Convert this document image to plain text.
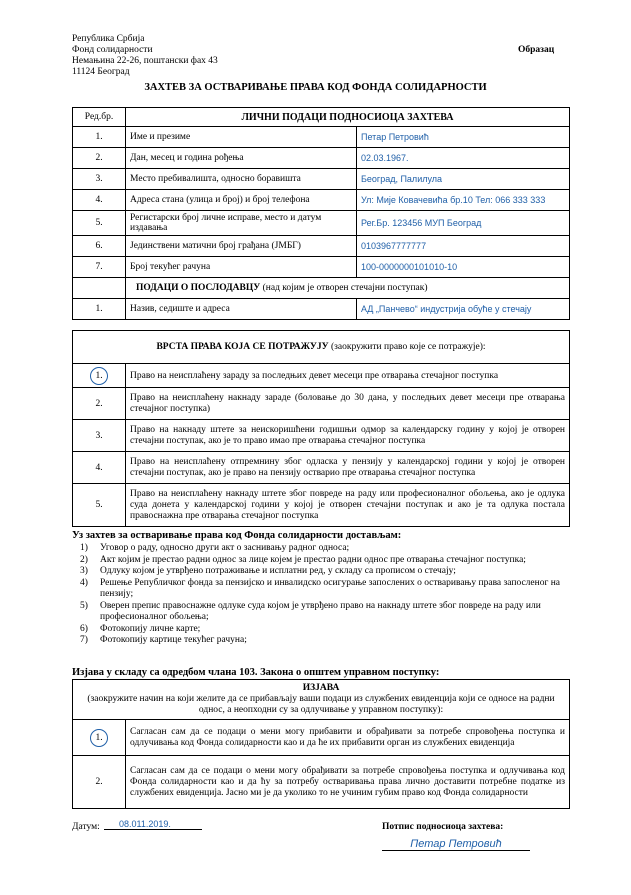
Република Србија
Фонд солидарности
Немањина 22-26, поштански фах 43
11124 Београд
Образац
ЗАХТЕВ ЗА ОСТВАРИВАЊЕ ПРАВА КОД ФОНДА СОЛИДАРНОСТИ
Ред.бр.	ЛИЧНИ ПОДАЦИ ПОДНОСИОЦА ЗАХТЕВА	
1.	Име и презиме	Петар Петровић
2.	Дан, месец и година рођења	02.03.1967.
3.	Место пребивалишта, односно боравишта	Београд, Палилула
4.	Адреса стана (улица и број) и број телефона	Ул: Мије Ковачевића бр.10 Тел: 066 333 333
5.	Регистарски број личне исправе, место и датум издавања	Рег.Бр. 123456 МУП Београд
6.	Јединствени матични број грађана (ЈМБГ)	0103967777777
7.	Број текућег рачуна	100-0000000101010-10
	ПОДАЦИ О ПОСЛОДАВЦУ (над којим је отворен стечајни поступак)	
1.	Назив, седиште и адреса	АД „Панчево“ индустрија обуће у стечају
ВРСТА ПРАВА КОЈА СЕ ПОТРАЖУЈУ (заокружити право које се потражује):	
1.	Право на неисплаћену зараду за последњих девет месеци пре отварања стечајног поступка
2.	Право на неисплаћену накнаду зараде (боловање до 30 дана, у последњих девет месеци пре отварања стечајног поступка)
3.	Право на накнаду штете за неискоришћени годишњи одмор за календарску годину у којој је отворен стечајни поступак, ако је то право имао пре отварања стечајног поступка
4.	Право на неисплаћену отпремнину због одласка у пензију у календарској години у којој је отворен стечајни поступак, ако је право на пензију остварио пре отварања стечајног поступка
5.	Право на неисплаћену накнаду штете због повреде на раду или професионалног обољења, ако је одлука суда донета у календарској години у којој је отворен стечајни поступак и ако је та одлука постала правоснажна пре отварања стечајног поступка
Уз захтев за остваривање права код Фонда солидарности достављам:
1)	Уговор о раду, односно други акт о заснивању радног односа;
2)	Акт којим је престао радни однос за лице којем је престао радни однос пре отварања стечајног поступка;
3)	Одлуку којом је утврђено потраживање и исплатни ред, у складу са прописом о стечају;
4)	Решење Републичког фонда за пензијско и инвалидско осигурање запослених о остваривању права запосленог на пензију;
5)	Оверен препис правоснажне одлуке суда којом је утврђено право на накнаду штете због повреде на раду или професионалног обољења;
6)	Фотокопију личне карте;
7)	Фотокопију картице текућег рачуна;
Изјава у складу са одредбом члана 103. Закона о општем управном поступку:
ИЗЈАВА
(заокружите начин на који желите да се прибављају вaши подаци из службених евиденција који се односе на радни однос, а неопходни су за одлучивање у управном поступку):	

1.	Сагласан сам да се подаци о мени могу прибавити и обрађивати за потребе спровођења поступка и одлучивања код Фонда солидарности као и да ће их прибавити орган из службених евиденција
2.	Сагласан сам да се подаци о мени могу обрађивати за потребе спровођења поступка и одлучивања код Фонда солидарности као и да ћу за потребу остваривања права лично доставити потребне податке из службених евиденција. Јасно ми је да уколико то не учиним губим право код Фонда солидарности
Датум:	08.011.2019.	Потпис подносиоца захтева:
Петар Петровић
